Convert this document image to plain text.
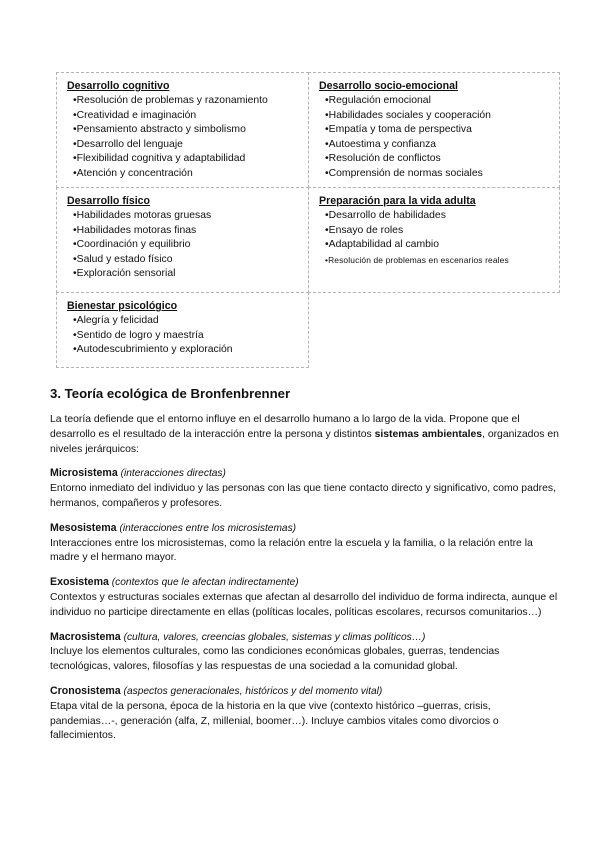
Desarrollo cognitivo
•Resolución de problemas y razonamiento
•Creatividad e imaginación
•Pensamiento abstracto y simbolismo
•Desarrollo del lenguaje
•Flexibilidad cognitiva y adaptabilidad
•Atención y concentración
Desarrollo socio-emocional
•Regulación emocional
•Habilidades sociales y cooperación
•Empatía y toma de perspectiva
•Autoestima y confianza
•Resolución de conflictos
•Comprensión de normas sociales
Desarrollo físico
•Habilidades motoras gruesas
•Habilidades motoras finas
•Coordinación y equilibrio
•Salud y estado físico
•Exploración sensorial
Preparación para la vida adulta
•Desarrollo de habilidades
•Ensayo de roles
•Adaptabilidad al cambio
•Resolución de problemas en escenarios reales
Bienestar psicológico
•Alegría y felicidad
•Sentido de logro y maestría
•Autodescubrimiento y exploración
3. Teoría ecológica de Bronfenbrenner

La teoría defiende que el entorno influye en el desarrollo humano a lo largo de la vida. Propone que el desarrollo es el resultado de la interacción entre la persona y distintos sistemas ambientales, organizados en niveles jerárquicos:

Microsistema (interacciones directas)

Entorno inmediato del individuo y las personas con las que tiene contacto directo y significativo, como padres, hermanos, compañeros y profesores.

Mesosistema (interacciones entre los microsistemas)

Interacciones entre los microsistemas, como la relación entre la escuela y la familia, o la relación entre la madre y el hermano mayor.

Exosistema (contextos que le afectan indirectamente)

Contextos y estructuras sociales externas que afectan al desarrollo del individuo de forma indirecta, aunque el individuo no participe directamente en ellas (políticas locales, políticas escolares, recursos comunitarios…)

Macrosistema (cultura, valores, creencias globales, sistemas y climas políticos…)

Incluye los elementos culturales, como las condiciones económicas globales, guerras, tendencias tecnológicas, valores, filosofías y las respuestas de una sociedad a la comunidad global.

Cronosistema (aspectos generacionales, históricos y del momento vital)

Etapa vital de la persona, época de la historia en la que vive (contexto histórico –guerras, crisis, pandemias…-, generación (alfa, Z, millenial, boomer…). Incluye cambios vitales como divorcios o fallecimientos.
